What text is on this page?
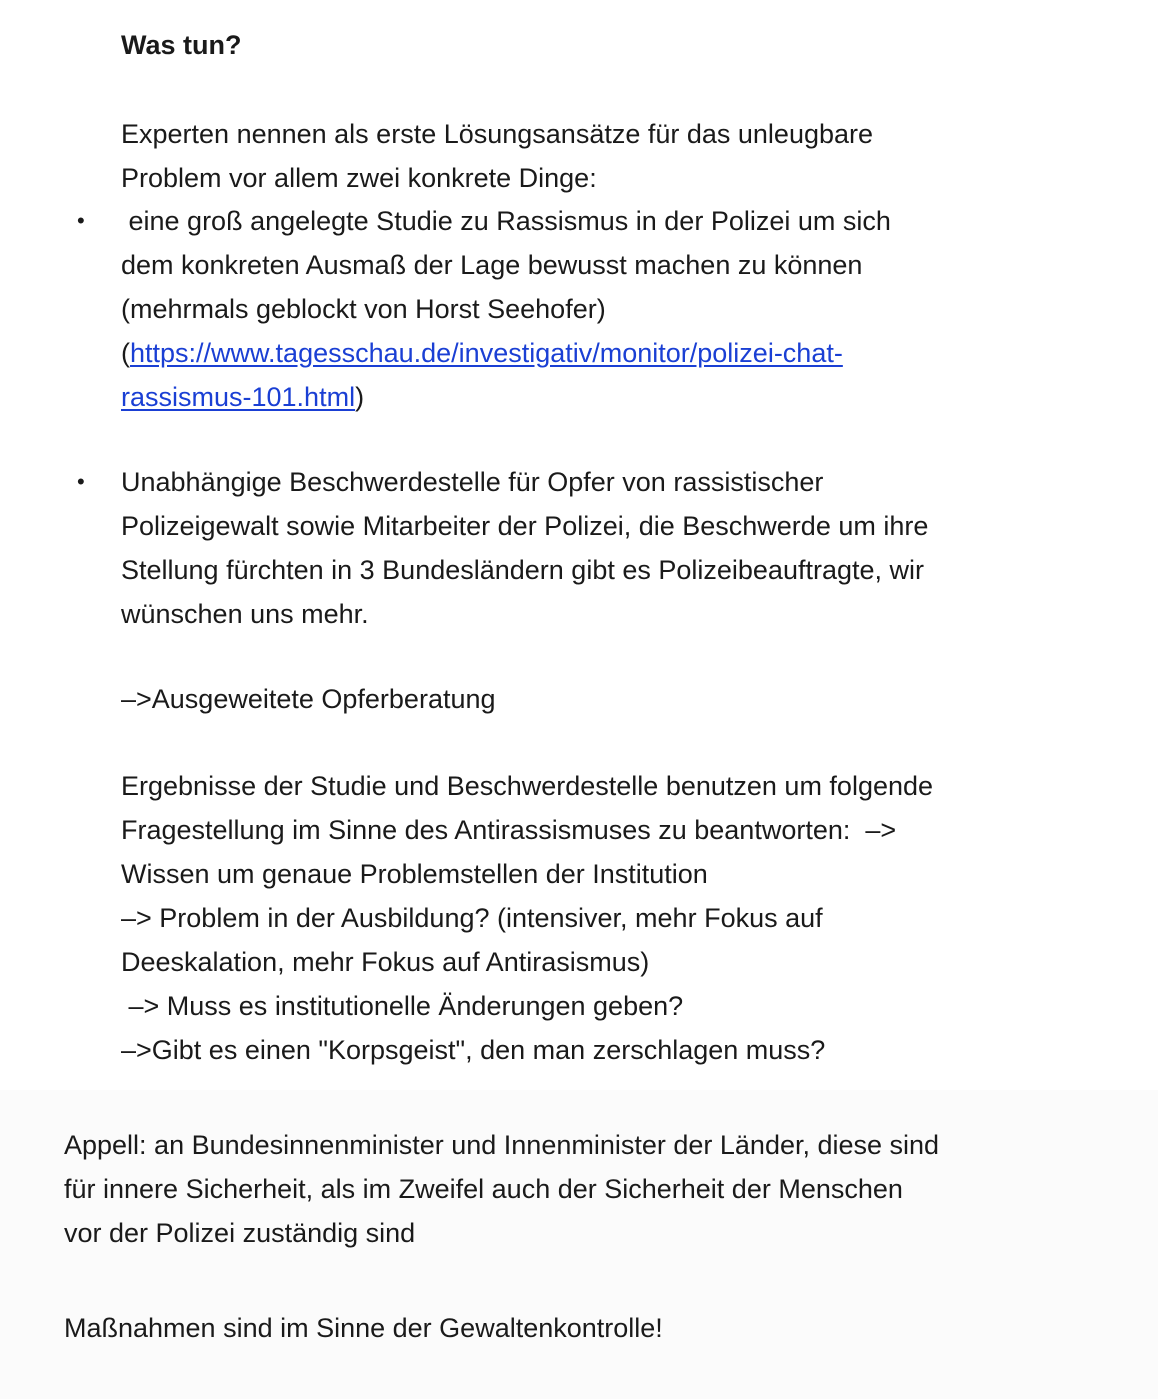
Was tun?

Experten nennen als erste Lösungsansätze für das unleugbare

Problem vor allem zwei konkrete Dinge:

• eine groß angelegte Studie zu Rassismus in der Polizei um sich

dem konkreten Ausmaß der Lage bewusst machen zu können

(mehrmals geblockt von Horst Seehofer)

(https://www.tagesschau.de/investigativ/monitor/polizei-chat-

rassismus-101.html)

• Unabhängige Beschwerdestelle für Opfer von rassistischer

Polizeigewalt sowie Mitarbeiter der Polizei, die Beschwerde um ihre

Stellung fürchten in 3 Bundesländern gibt es Polizeibeauftragte, wir

wünschen uns mehr.

–>Ausgeweitete Opferberatung

Ergebnisse der Studie und Beschwerdestelle benutzen um folgende

Fragestellung im Sinne des Antirassismuses zu beantworten:  –>

Wissen um genaue Problemstellen der Institution

–> Problem in der Ausbildung? (intensiver, mehr Fokus auf

Deeskalation, mehr Fokus auf Antirasismus)

–> Muss es institutionelle Änderungen geben?

–>Gibt es einen "Korpsgeist", den man zerschlagen muss?

Appell: an Bundesinnenminister und Innenminister der Länder, diese sind

für innere Sicherheit, als im Zweifel auch der Sicherheit der Menschen

vor der Polizei zuständig sind

Maßnahmen sind im Sinne der Gewaltenkontrolle!
